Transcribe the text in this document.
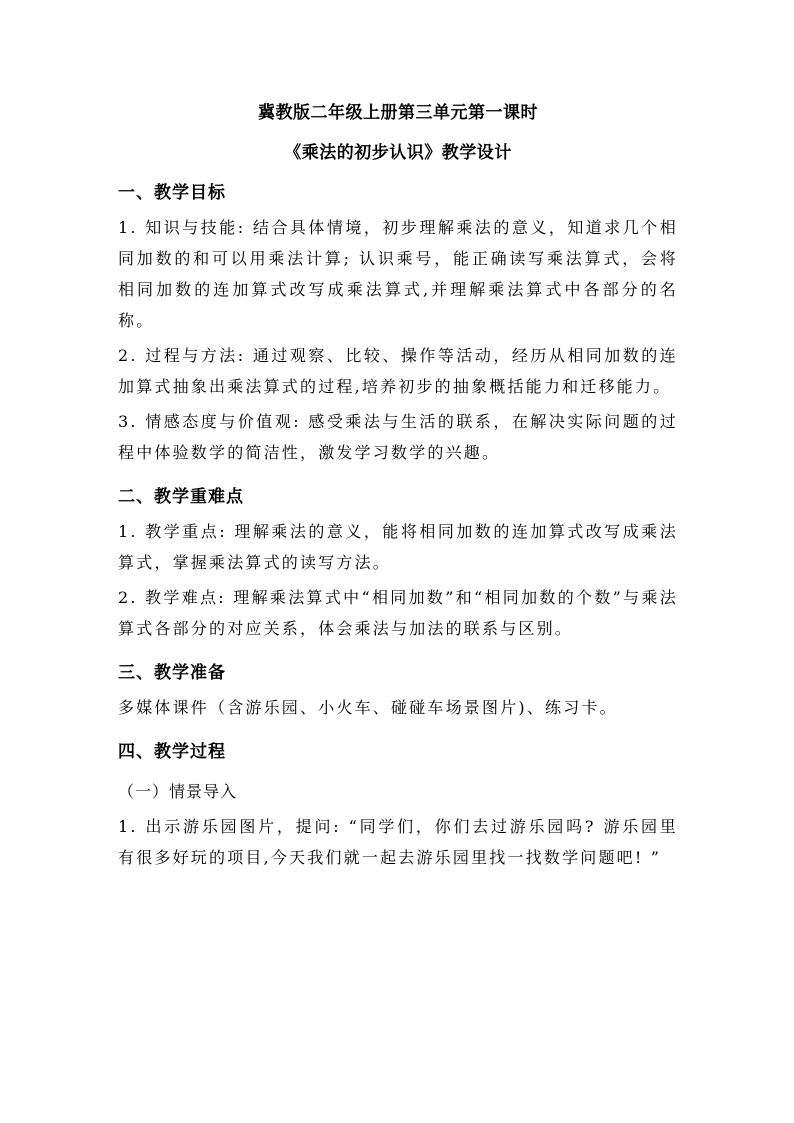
冀教版二年级上册第三单元第一课时

《乘法的初步认识》教学设计

一、教学目标

1. 知识与技能: 结合具体情境，初步理解乘法的意义，知道求几个相同加数的和可以用乘法计算; 认识乘号，能正确读写乘法算式，会将相同加数的连加算式改写成乘法算式,并理解乘法算式中各部分的名称。

2. 过程与方法: 通过观察、比较、操作等活动，经历从相同加数的连加算式抽象出乘法算式的过程,培养初步的抽象概括能力和迁移能力。

3. 情感态度与价值观: 感受乘法与生活的联系，在解决实际问题的过程中体验数学的简洁性，激发学习数学的兴趣。

二、教学重难点

1. 教学重点: 理解乘法的意义，能将相同加数的连加算式改写成乘法算式，掌握乘法算式的读写方法。

2. 教学难点: 理解乘法算式中“相同加数”和“相同加数的个数”与乘法算式各部分的对应关系，体会乘法与加法的联系与区别。

三、教学准备

多媒体课件（含游乐园、小火车、碰碰车场景图片)、练习卡。

四、教学过程

（一）情景导入

1. 出示游乐园图片，提问: “同学们，你们去过游乐园吗? 游乐园里有很多好玩的项目,今天我们就一起去游乐园里找一找数学问题吧! ”
